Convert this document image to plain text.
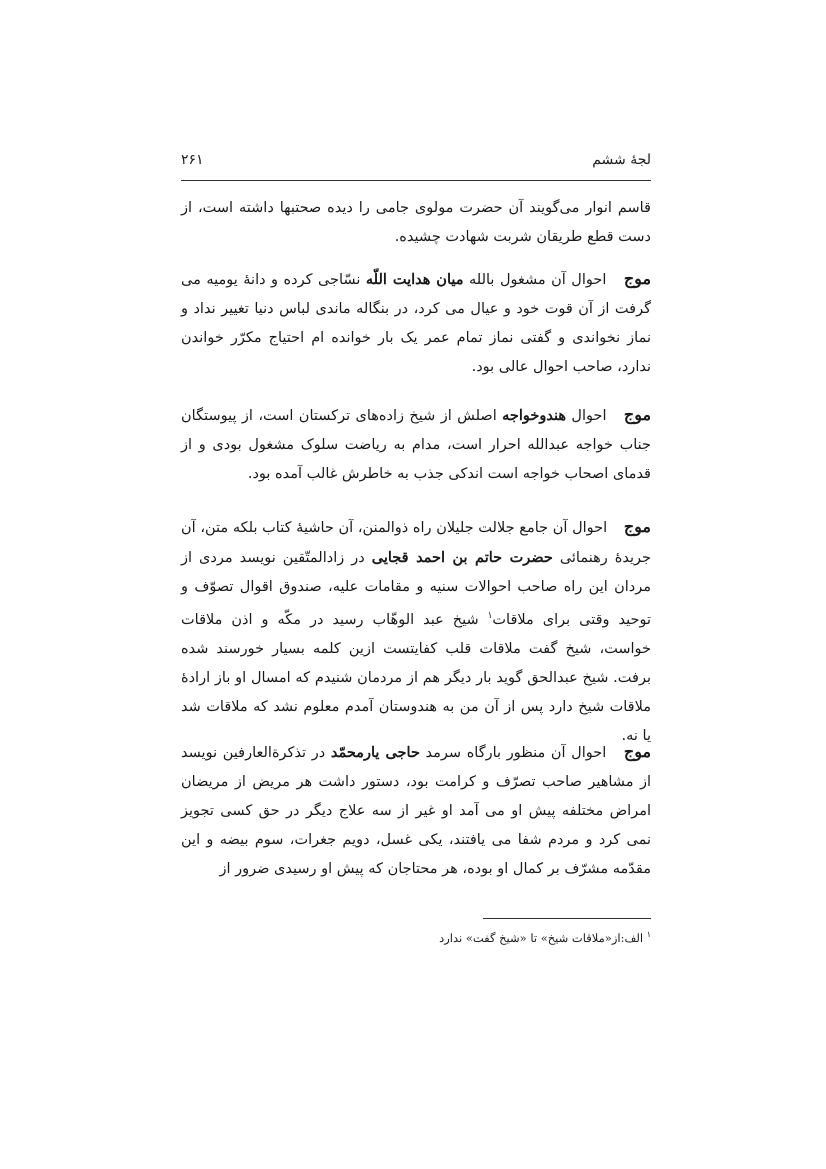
لجۀ ششم
۲۶۱
قاسم انوار می‌گویند آن حضرت مولوی جامی را دیده صحتبها داشته است، از دست قطع طریقان شربت شهادت چشیده.
موج احوال آن مشغول بالله میان هدایت اللّه نسّاجی کرده و دانهٔ یومیه می گرفت از آن قوت خود و عیال می کرد، در بنگاله ماندی لباس دنیا تغییر نداد و نماز نخواندی و گفتی نماز تمام عمر یک بار خوانده ام احتیاج مکرّر خواندن ندارد، صاحب احوال عالی بود.
موج احوال هندوخواجه اصلش از شیخ زاده‌های ترکستان است، از پیوستگان جناب خواجه عبدالله احرار است، مدام به ریاضت سلوک مشغول بودی و از قدمای اصحاب خواجه است اندکی جذب به خاطرش غالب آمده بود.
موج احوال آن جامع جلالت جلیلان راه ذوالمنن، آن حاشیهٔ کتاب بلکه متن، آن جریدهٔ رهنمائی حضرت حاتم بن احمد قجایی در زادالمتّقین نویسد مردی از مردان این راه صاحب احوالات سنیه و مقامات علیه، صندوق اقوال تصوّف و توحید وقتی برای ملاقات$^۱$ شیخ عبد الوهّاب رسید در مکّه و اذن ملاقات خواست، شیخ گفت ملاقات قلب کفایتست ازین کلمه بسیار خورسند شده برفت. شیخ عبدالحق گوید بار دیگر هم از مردمان شنیدم که امسال او باز ارادهٔ ملاقات شیخ دارد پس از آن من به هندوستان آمدم معلوم نشد که ملاقات شد یا نه.
موج احوال آن منظور بارگاه سرمد حاجی یارمحمّد در تذکرةالعارفین نویسد از مشاهیر صاحب تصرّف و کرامت بود، دستور داشت هر مریض از مریضان امراض مختلفه پیش او می آمد او غیر از سه علاج دیگر در حق کسی تجویز نمی کرد و مردم شفا می یافتند، یکی غسل، دویم جغرات، سوم بیضه و این مقدّمه مشرّف بر کمال او بوده، هر محتاجان که پیش او رسیدی ضرور از
$^۱$ الف:از«ملاقات شیخ» تا «شیخ گفت» ندارد
